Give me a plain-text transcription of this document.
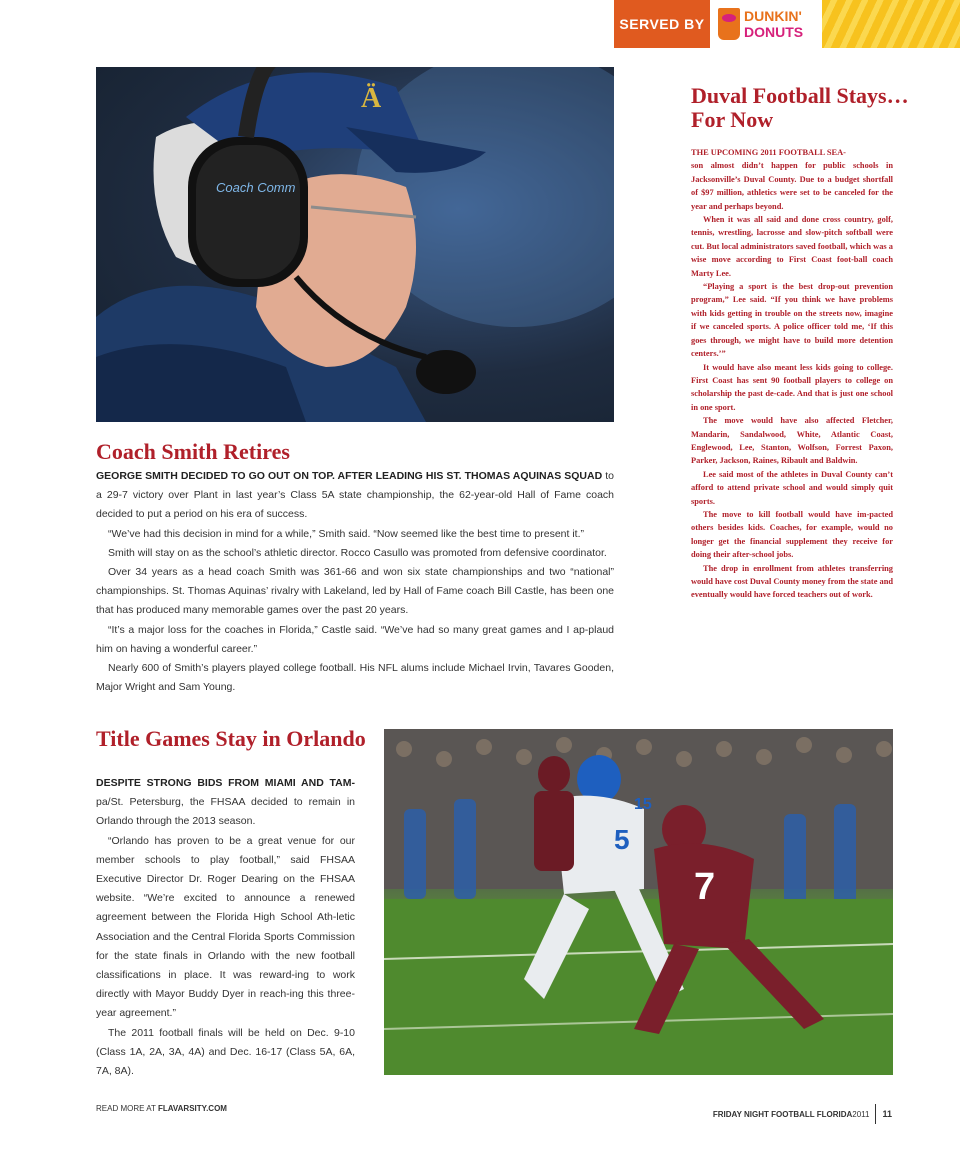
SERVED BY	DUNKIN'
DONUTS
Ä
Coach Comm
Duval Football Stays…For Now

THE UPCOMING 2011 FOOTBALL SEA-

son almost didn’t happen for public schools in Jacksonville’s Duval County. Due to a budget shortfall of $97 million, athletics were set to be canceled for the year and perhaps beyond.

When it was all said and done cross country, golf, tennis, wrestling, lacrosse and slow-pitch softball were cut. But local administrators saved football, which was a wise move according to First Coast foot-ball coach Marty Lee.

“Playing a sport is the best drop-out prevention program,” Lee said. “If you think we have problems with kids getting in trouble on the streets now, imagine if we canceled sports. A police officer told me, ‘If this goes through, we might have to build more detention centers.’”

It would have also meant less kids going to college. First Coast has sent 90 football players to college on scholarship the past de-cade. And that is just one school in one sport.

The move would have also affected Fletcher, Mandarin, Sandalwood, White, Atlantic Coast, Englewood, Lee, Stanton, Wolfson, Forrest Paxon, Parker, Jackson, Raines, Ribault and Baldwin.

Lee said most of the athletes in Duval County can’t afford to attend private school and would simply quit sports.

The move to kill football would have im-pacted others besides kids. Coaches, for example, would no longer get the financial supplement they receive for doing their after-school jobs.

The drop in enrollment from athletes transferring would have cost Duval County money from the state and eventually would have forced teachers out of work.

Coach Smith Retires

GEORGE SMITH DECIDED TO GO OUT ON TOP. AFTER LEADING HIS ST. THOMAS AQUINAS SQUAD to a 29-7 victory over Plant in last year’s Class 5A state championship, the 62-year-old Hall of Fame coach decided to put a period on his era of success.

“We’ve had this decision in mind for a while,” Smith said. “Now seemed like the best time to present it.”

Smith will stay on as the school’s athletic director. Rocco Casullo was promoted from defensive coordinator.

Over 34 years as a head coach Smith was 361-66 and won six state championships and two “national” championships. St. Thomas Aquinas’ rivalry with Lakeland, led by Hall of Fame coach Bill Castle, has been one that has produced many memorable games over the past 20 years.

“It’s a major loss for the coaches in Florida,” Castle said. “We’ve had so many great games and I ap-plaud him on having a wonderful career.”

Nearly 600 of Smith’s players played college football. His NFL alums include Michael Irvin, Tavares Gooden, Major Wright and Sam Young.

Title Games Stay in Orlando

DESPITE STRONG BIDS FROM MIAMI AND TAM-pa/St. Petersburg, the FHSAA decided to remain in Orlando through the 2013 season.

“Orlando has proven to be a great venue for our member schools to play football,” said FHSAA Executive Director Dr. Roger Dearing on the FHSAA website. “We’re excited to announce a renewed agreement between the Florida High School Ath-letic Association and the Central Florida Sports Commission for the state finals in Orlando with the new football classifications in place. It was reward-ing to work directly with Mayor Buddy Dyer in reach-ing this three-year agreement.”

The 2011 football finals will be held on Dec. 9-10 (Class 1A, 2A, 3A, 4A) and Dec. 16-17 (Class 5A, 6A, 7A, 8A).

5
15
7
READ MORE AT FLAVARSITY.COM
FRIDAY NIGHT FOOTBALL FLORIDA 2011 11
